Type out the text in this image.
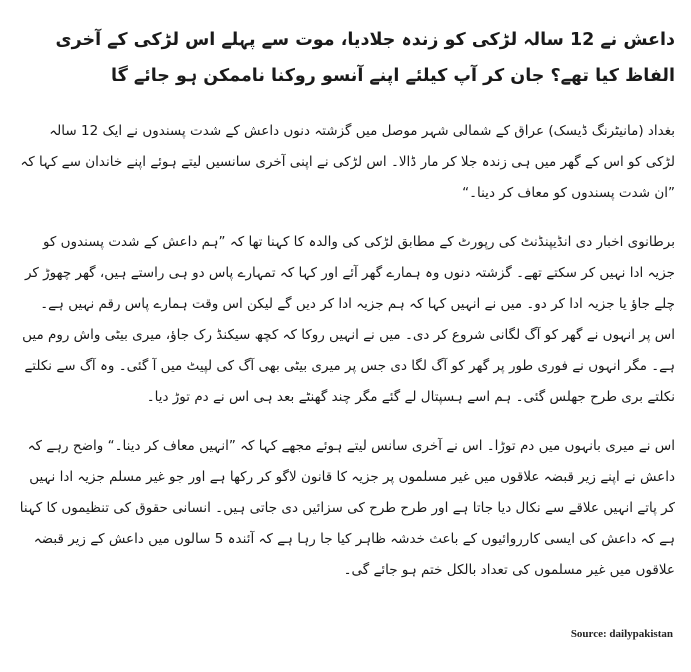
داعش نے 12 سالہ لڑکی کو زندہ جلادیا، موت سے پہلے اس لڑکی کے آخری الفاظ کیا تھے؟ جان کر آپ کیلئے اپنے آنسو روکنا ناممکن ہو جائے گا

بغداد (مانیٹرنگ ڈیسک) عراق کے شمالی شہر موصل میں گزشتہ دنوں داعش کے شدت پسندوں نے ایک 12 سالہ لڑکی کو اس کے گھر میں ہی زندہ جلا کر مار ڈالا۔ اس لڑکی نے اپنی آخری سانسیں لیتے ہوئے اپنے خاندان سے کہا کہ ”ان شدت پسندوں کو معاف کر دینا۔“

برطانوی اخبار دی انڈیپنڈنٹ کی رپورٹ کے مطابق لڑکی کی والدہ کا کہنا تھا کہ ”ہم داعش کے شدت پسندوں کو جزیہ ادا نہیں کر سکتے تھے۔ گزشتہ دنوں وہ ہمارے گھر آئے اور کہا کہ تمہارے پاس دو ہی راستے ہیں، گھر چھوڑ کر چلے جاﺅ یا جزیہ ادا کر دو۔ میں نے انہیں کہا کہ ہم جزیہ ادا کر دیں گے لیکن اس وقت ہمارے پاس رقم نہیں ہے۔ اس پر انہوں نے گھر کو آگ لگانی شروع کر دی۔ میں نے انہیں روکا کہ کچھ سیکنڈ رک جاﺅ، میری بیٹی واش روم میں ہے۔ مگر انہوں نے فوری طور پر گھر کو آگ لگا دی جس پر میری بیٹی بھی آگ کی لپیٹ میں آ گئی۔ وہ آگ سے نکلتے نکلتے بری طرح جھلس گئی۔ ہم اسے ہسپتال لے گئے مگر چند گھنٹے بعد ہی اس نے دم توڑ دیا۔

اس نے میری بانہوں میں دم توڑا۔ اس نے آخری سانس لیتے ہوئے مجھے کہا کہ ”انہیں معاف کر دینا۔“ واضح رہے کہ داعش نے اپنے زیر قبضہ علاقوں میں غیر مسلموں پر جزیہ کا قانون لاگو کر رکھا ہے اور جو غیر مسلم جزیہ ادا نہیں کر پاتے انہیں علاقے سے نکال دیا جاتا ہے اور طرح طرح کی سزائیں دی جاتی ہیں۔ انسانی حقوق کی تنظیموں کا کہنا ہے کہ داعش کی ایسی کارروائیوں کے باعث خدشہ ظاہر کیا جا رہا ہے کہ آئندہ 5 سالوں میں داعش کے زیر قبضہ علاقوں میں غیر مسلموں کی تعداد بالکل ختم ہو جائے گی۔

Source: dailypakistan
